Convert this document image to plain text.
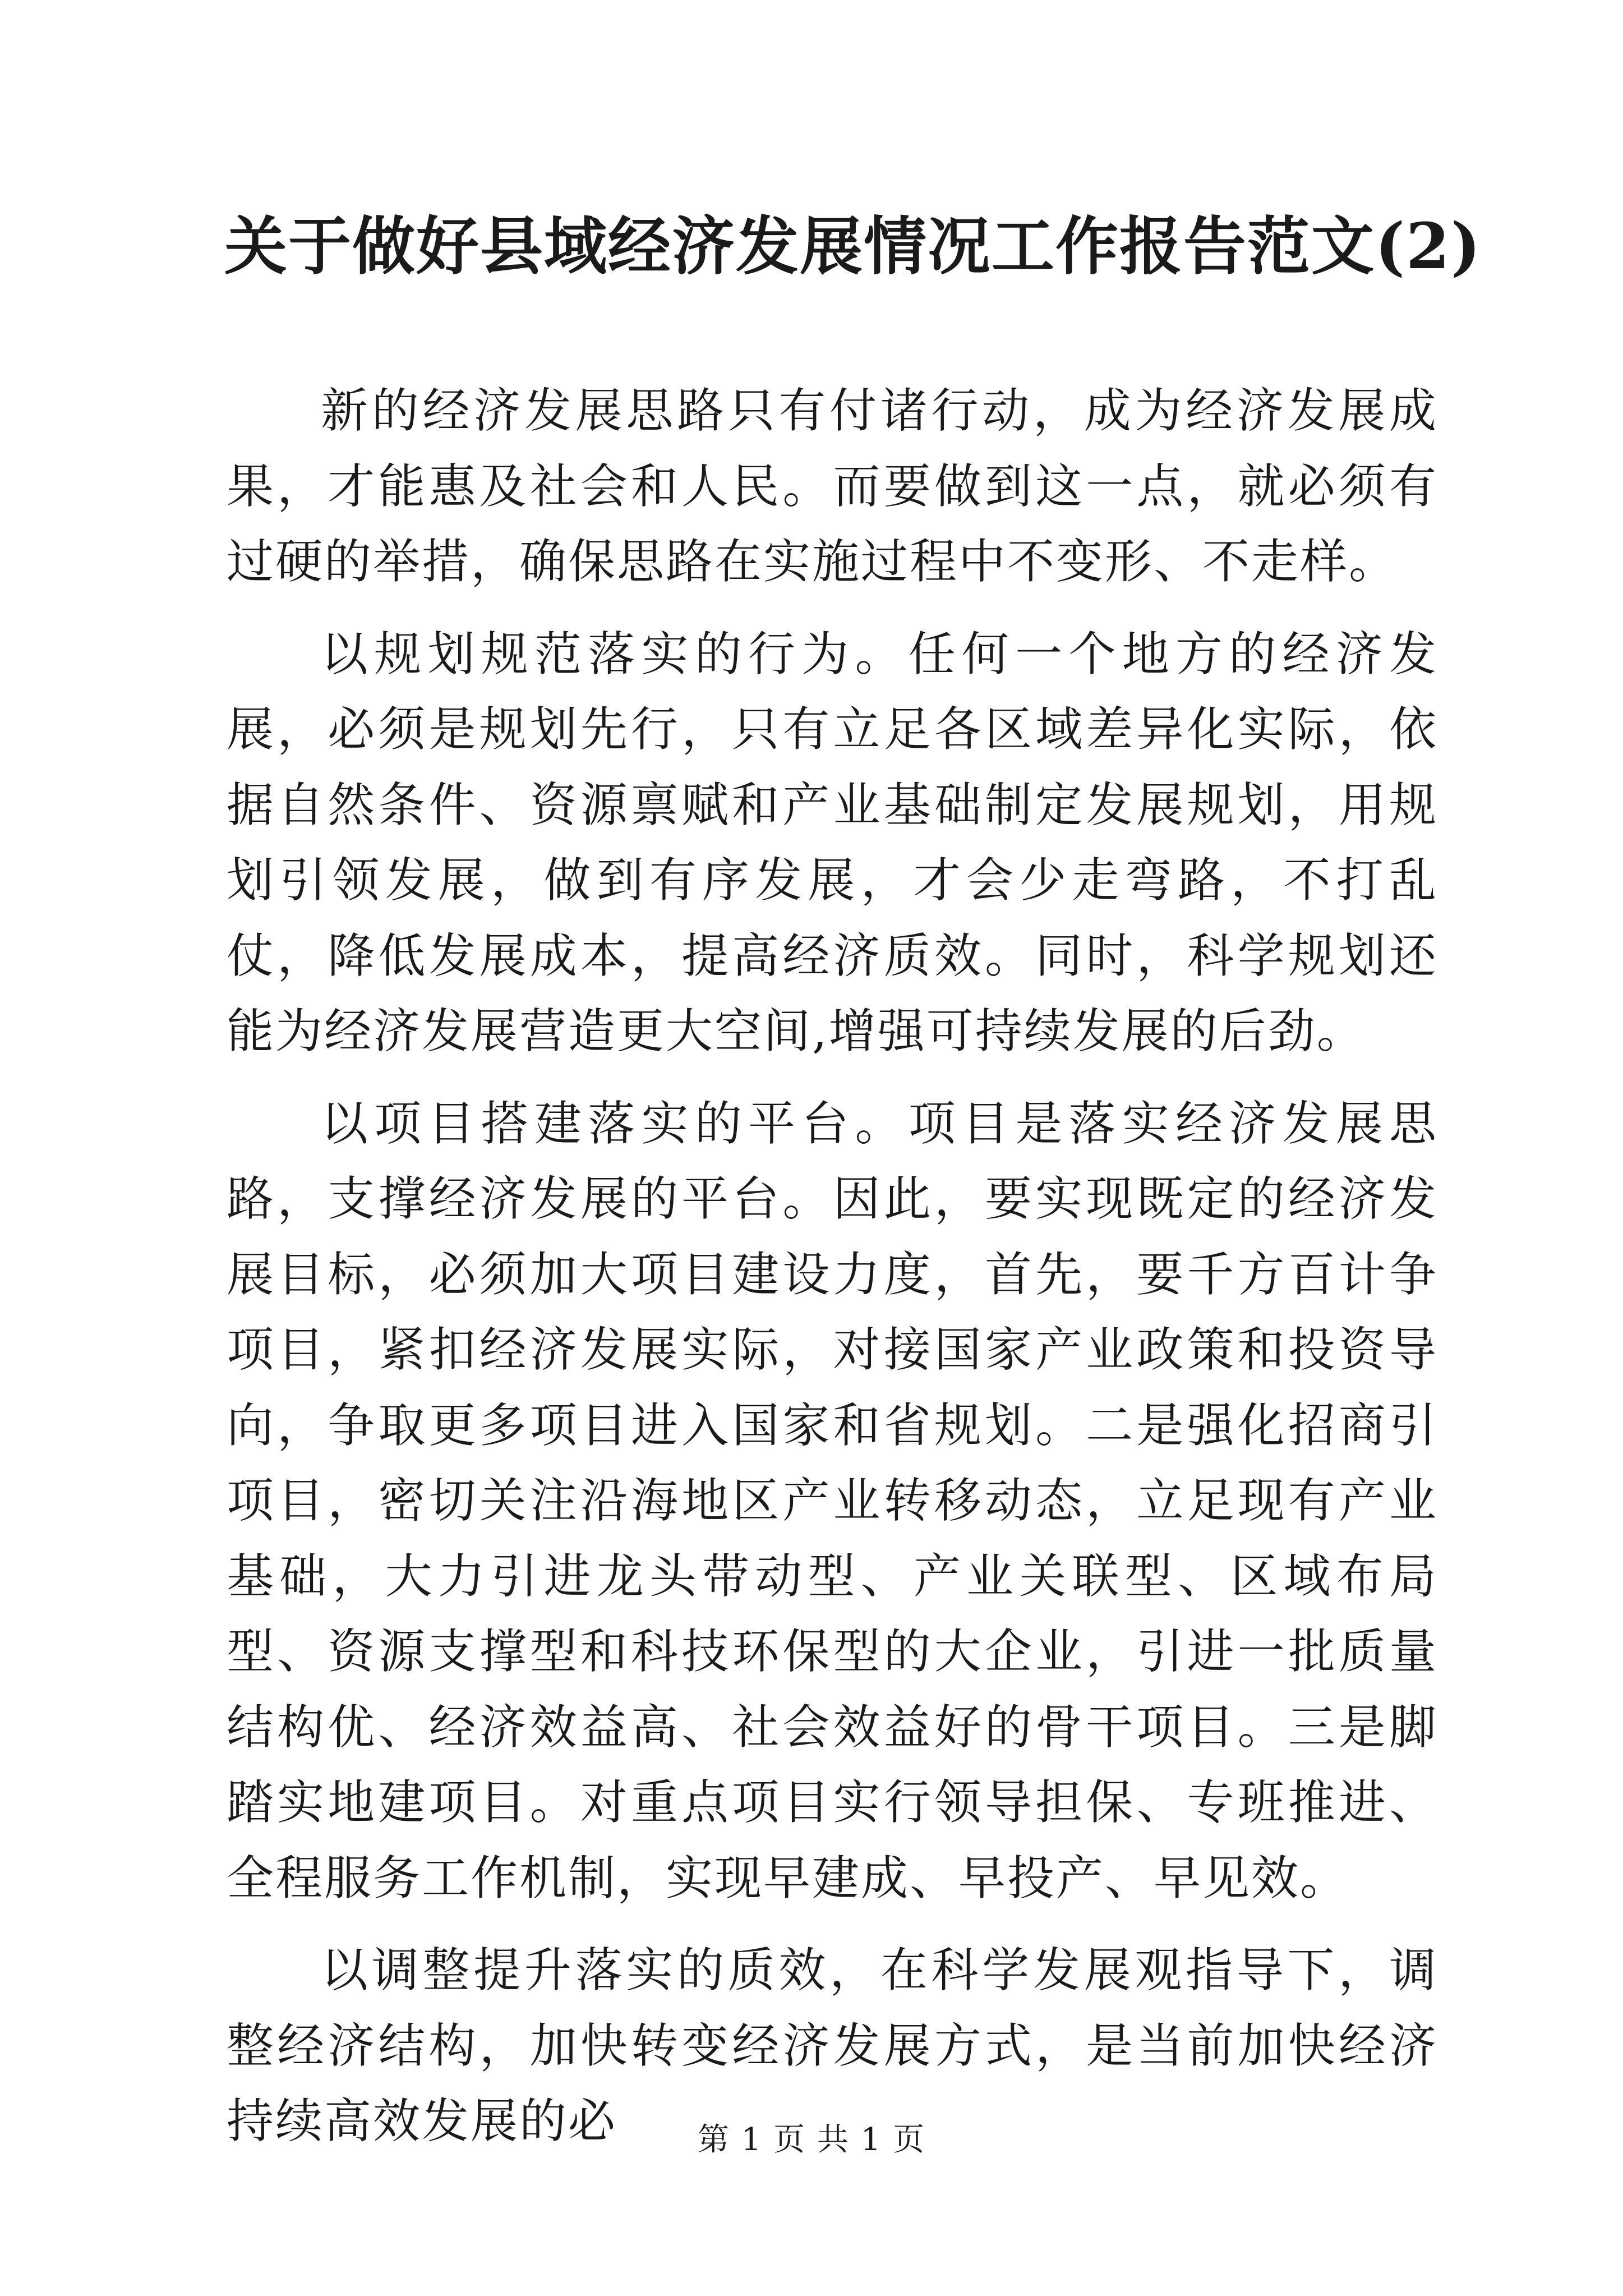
关于做好县域经济发展情况工作报告范文(2)

新的经济发展思路只有付诸行动，成为经济发展成果，才能惠及社会和人民。而要做到这一点，就必须有过硬的举措，确保思路在实施过程中不变形、不走样。

以规划规范落实的行为。任何一个地方的经济发展，必须是规划先行，只有立足各区域差异化实际，依据自然条件、资源禀赋和产业基础制定发展规划，用规划引领发展，做到有序发展，才会少走弯路，不打乱仗，降低发展成本，提高经济质效。同时，科学规划还能为经济发展营造更大空间,增强可持续发展的后劲。

以项目搭建落实的平台。项目是落实经济发展思路，支撑经济发展的平台。因此，要实现既定的经济发展目标，必须加大项目建设力度，首先，要千方百计争项目，紧扣经济发展实际，对接国家产业政策和投资导向，争取更多项目进入国家和省规划。二是强化招商引项目，密切关注沿海地区产业转移动态，立足现有产业基础，大力引进龙头带动型、产业关联型、区域布局型、资源支撑型和科技环保型的大企业，引进一批质量结构优、经济效益高、社会效益好的骨干项目。三是脚踏实地建项目。对重点项目实行领导担保、专班推进、全程服务工作机制，实现早建成、早投产、早见效。

以调整提升落实的质效，在科学发展观指导下，调整经济结构，加快转变经济发展方式，是当前加快经济持续高效发展的必	第 1 页 共 1 页
